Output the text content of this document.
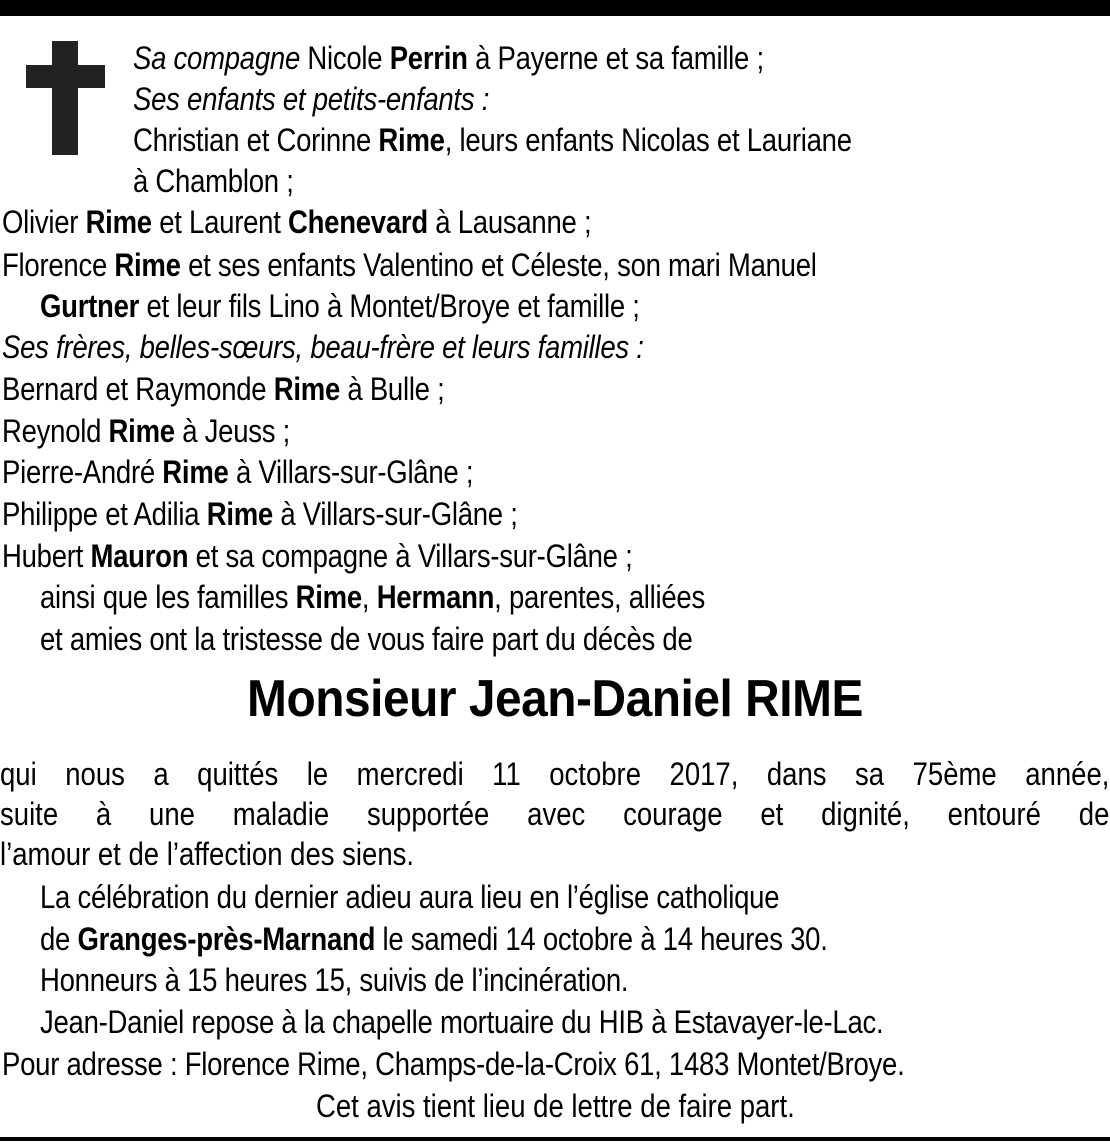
Sa compagne Nicole Perrin à Payerne et sa famille ;
Ses enfants et petits-enfants :
Christian et Corinne Rime, leurs enfants Nicolas et Lauriane
à Chamblon ;
Olivier Rime et Laurent Chenevard à Lausanne ;
Florence Rime et ses enfants Valentino et Céleste, son mari Manuel
Gurtner et leur fils Lino à Montet/Broye et famille ;
Ses frères, belles-sœurs, beau-frère et leurs familles :
Bernard et Raymonde Rime à Bulle ;
Reynold Rime à Jeuss ;
Pierre-André Rime à Villars-sur-Glâne ;
Philippe et Adilia Rime à Villars-sur-Glâne ;
Hubert Mauron et sa compagne à Villars-sur-Glâne ;
ainsi que les familles Rime, Hermann, parentes, alliées
et amies ont la tristesse de vous faire part du décès de
Monsieur Jean-Daniel RIME
qui nous a quittés le mercredi 11 octobre 2017, dans sa 75ème année,
suite à une maladie supportée avec courage et dignité, entouré de
l’amour et de l’affection des siens.
La célébration du dernier adieu aura lieu en l’église catholique
de Granges-près-Marnand le samedi 14 octobre à 14 heures 30.
Honneurs à 15 heures 15, suivis de l’incinération.
Jean-Daniel repose à la chapelle mortuaire du HIB à Estavayer-le-Lac.
Pour adresse : Florence Rime, Champs-de-la-Croix 61, 1483 Montet/Broye.
Cet avis tient lieu de lettre de faire part.
